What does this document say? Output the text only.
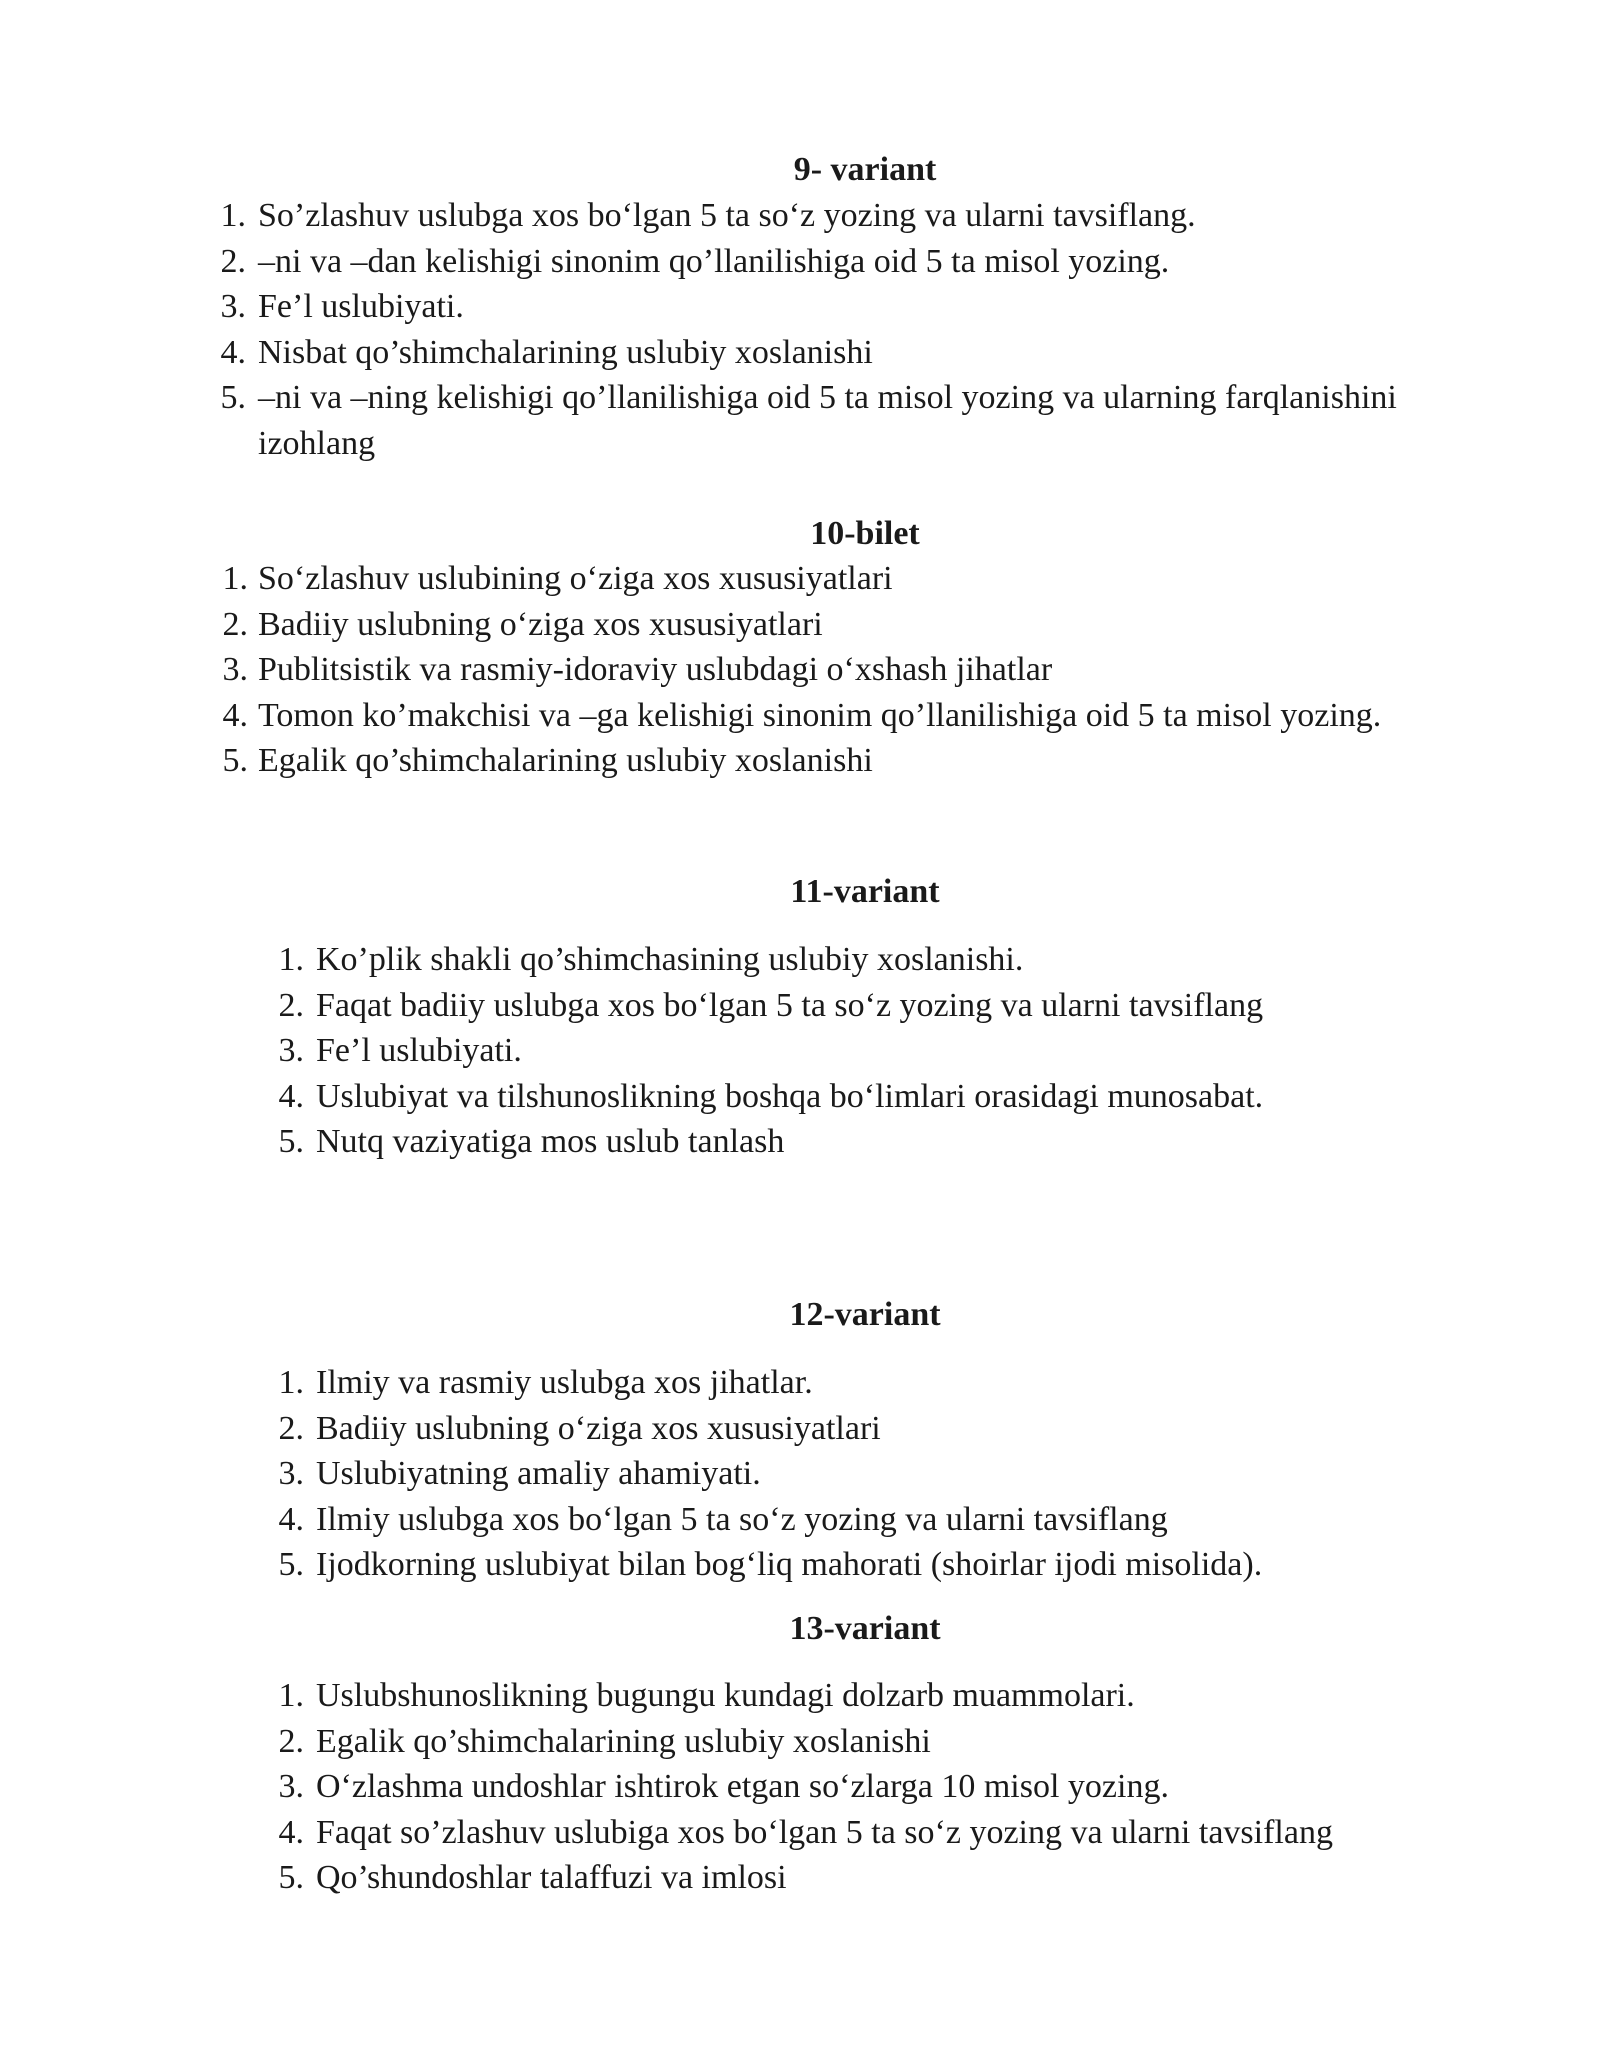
9- variant
1. So’zlashuv uslubga xos bo‘lgan 5 ta so‘z yozing va ularni tavsiflang.
2. –ni va –dan kelishigi sinonim qo’llanilishiga oid 5 ta misol yozing.
3. Fe’l uslubiyati.
4. Nisbat qo’shimchalarining uslubiy xoslanishi
5. –ni va –ning kelishigi qo’llanilishiga oid 5 ta misol yozing va ularning farqlanishini izohlang
10-bilet
1. So‘zlashuv uslubining o‘ziga xos xususiyatlari
2. Badiiy uslubning o‘ziga xos xususiyatlari
3. Publitsistik va rasmiy-idoraviy uslubdagi o‘xshash jihatlar
4. Tomon ko’makchisi va –ga kelishigi sinonim qo’llanilishiga oid 5 ta misol yozing.
5. Egalik qo’shimchalarining uslubiy xoslanishi
11-variant
1. Ko’plik shakli qo’shimchasining uslubiy xoslanishi.
2. Faqat badiiy uslubga xos bo‘lgan 5 ta so‘z yozing va ularni tavsiflang
3. Fe’l uslubiyati.
4. Uslubiyat va tilshunoslikning boshqa bo‘limlari orasidagi munosabat.
5. Nutq vaziyatiga mos uslub tanlash
12-variant
1. Ilmiy va rasmiy uslubga xos jihatlar.
2. Badiiy uslubning o‘ziga xos xususiyatlari
3. Uslubiyatning amaliy ahamiyati.
4. Ilmiy uslubga xos bo‘lgan 5 ta so‘z yozing va ularni tavsiflang
5. Ijodkorning uslubiyat bilan bog‘liq mahorati (shoirlar ijodi misolida).
13-variant
1. Uslubshunoslikning bugungu kundagi dolzarb muammolari.
2. Egalik qo’shimchalarining uslubiy xoslanishi
3. O‘zlashma undoshlar ishtirok etgan so‘zlarga 10 misol yozing.
4. Faqat so’zlashuv uslubiga xos bo‘lgan 5 ta so‘z yozing va ularni tavsiflang
5. Qo’shundoshlar talaffuzi va imlosi
